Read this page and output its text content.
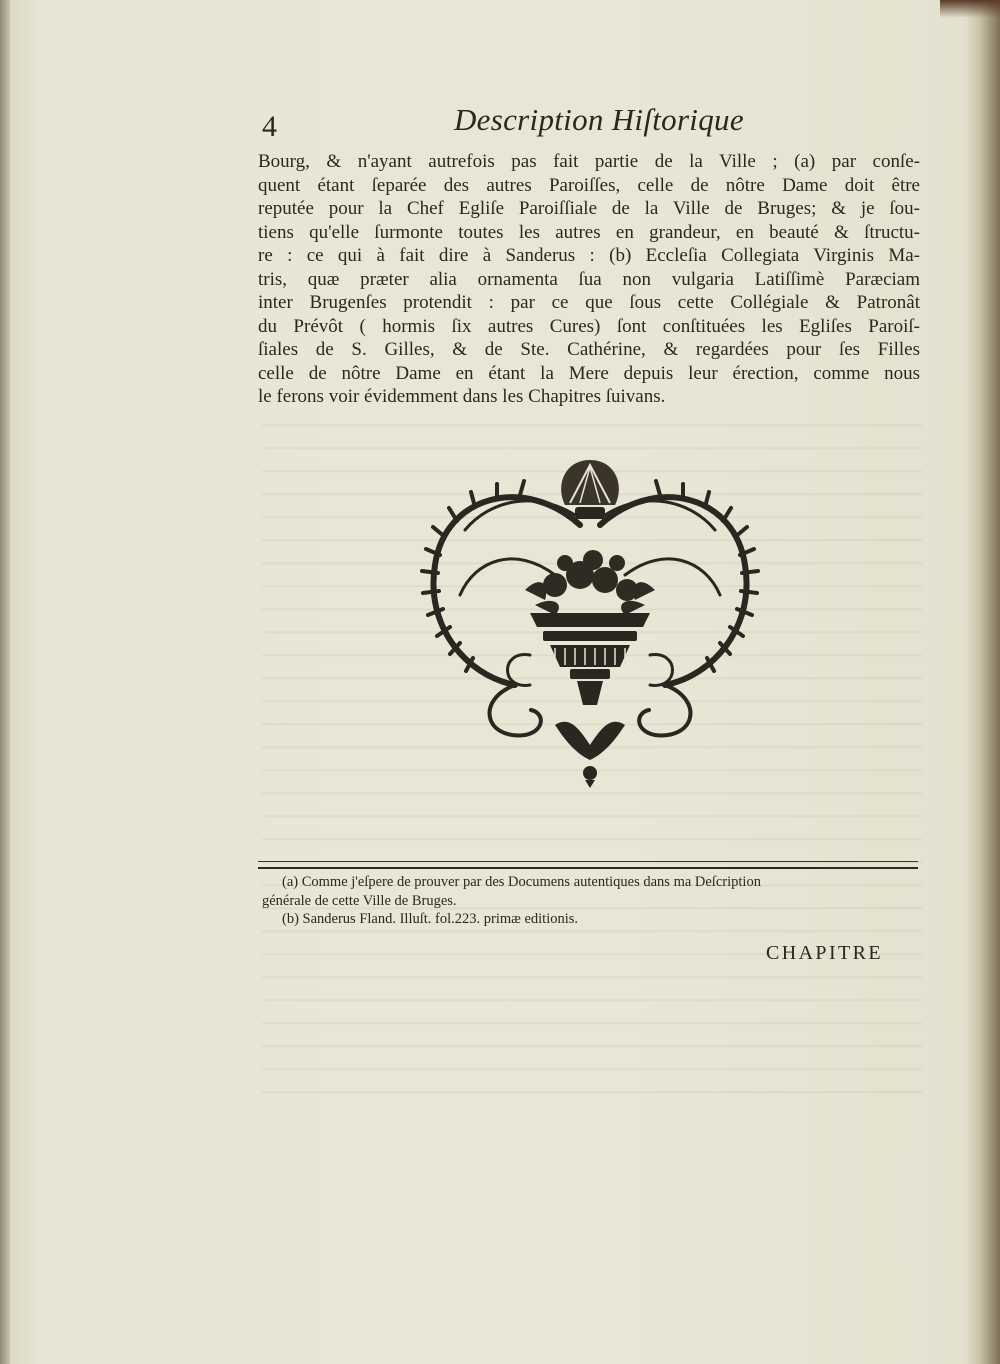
4	Description Hiſtorique
Bourg, & n'ayant autrefois pas fait partie de la Ville ; (a) par conſe-
quent étant ſeparée des autres Paroiſſes, celle de nôtre Dame doit être
reputée pour la Chef Egliſe Paroiſſiale de la Ville de Bruges; & je ſou-
tiens qu'elle ſurmonte toutes les autres en grandeur, en beauté & ſtructu-
re : ce qui à fait dire à Sanderus : (b) Eccleſia Collegiata Virginis Ma-
tris, quæ præter alia ornamenta ſua non vulgaria Latiſſimè Paræciam
inter Brugenſes protendit : par ce que ſous cette Collégiale & Patronât
du Prévôt ( hormis ſix autres Cures) ſont conſtituées les Egliſes Paroiſ-
ſiales de S. Gilles, & de Ste. Cathérine, & regardées pour ſes Filles
celle de nôtre Dame en étant la Mere depuis leur érection, comme nous
le ferons voir évidemment dans les Chapitres ſuivans.
(a) Comme j'eſpere de prouver par des Documens autentiques dans ma Deſcription
générale de cette Ville de Bruges.
(b) Sanderus Fland. Illuſt. fol.223. primæ editionis.
CHAPITRE
